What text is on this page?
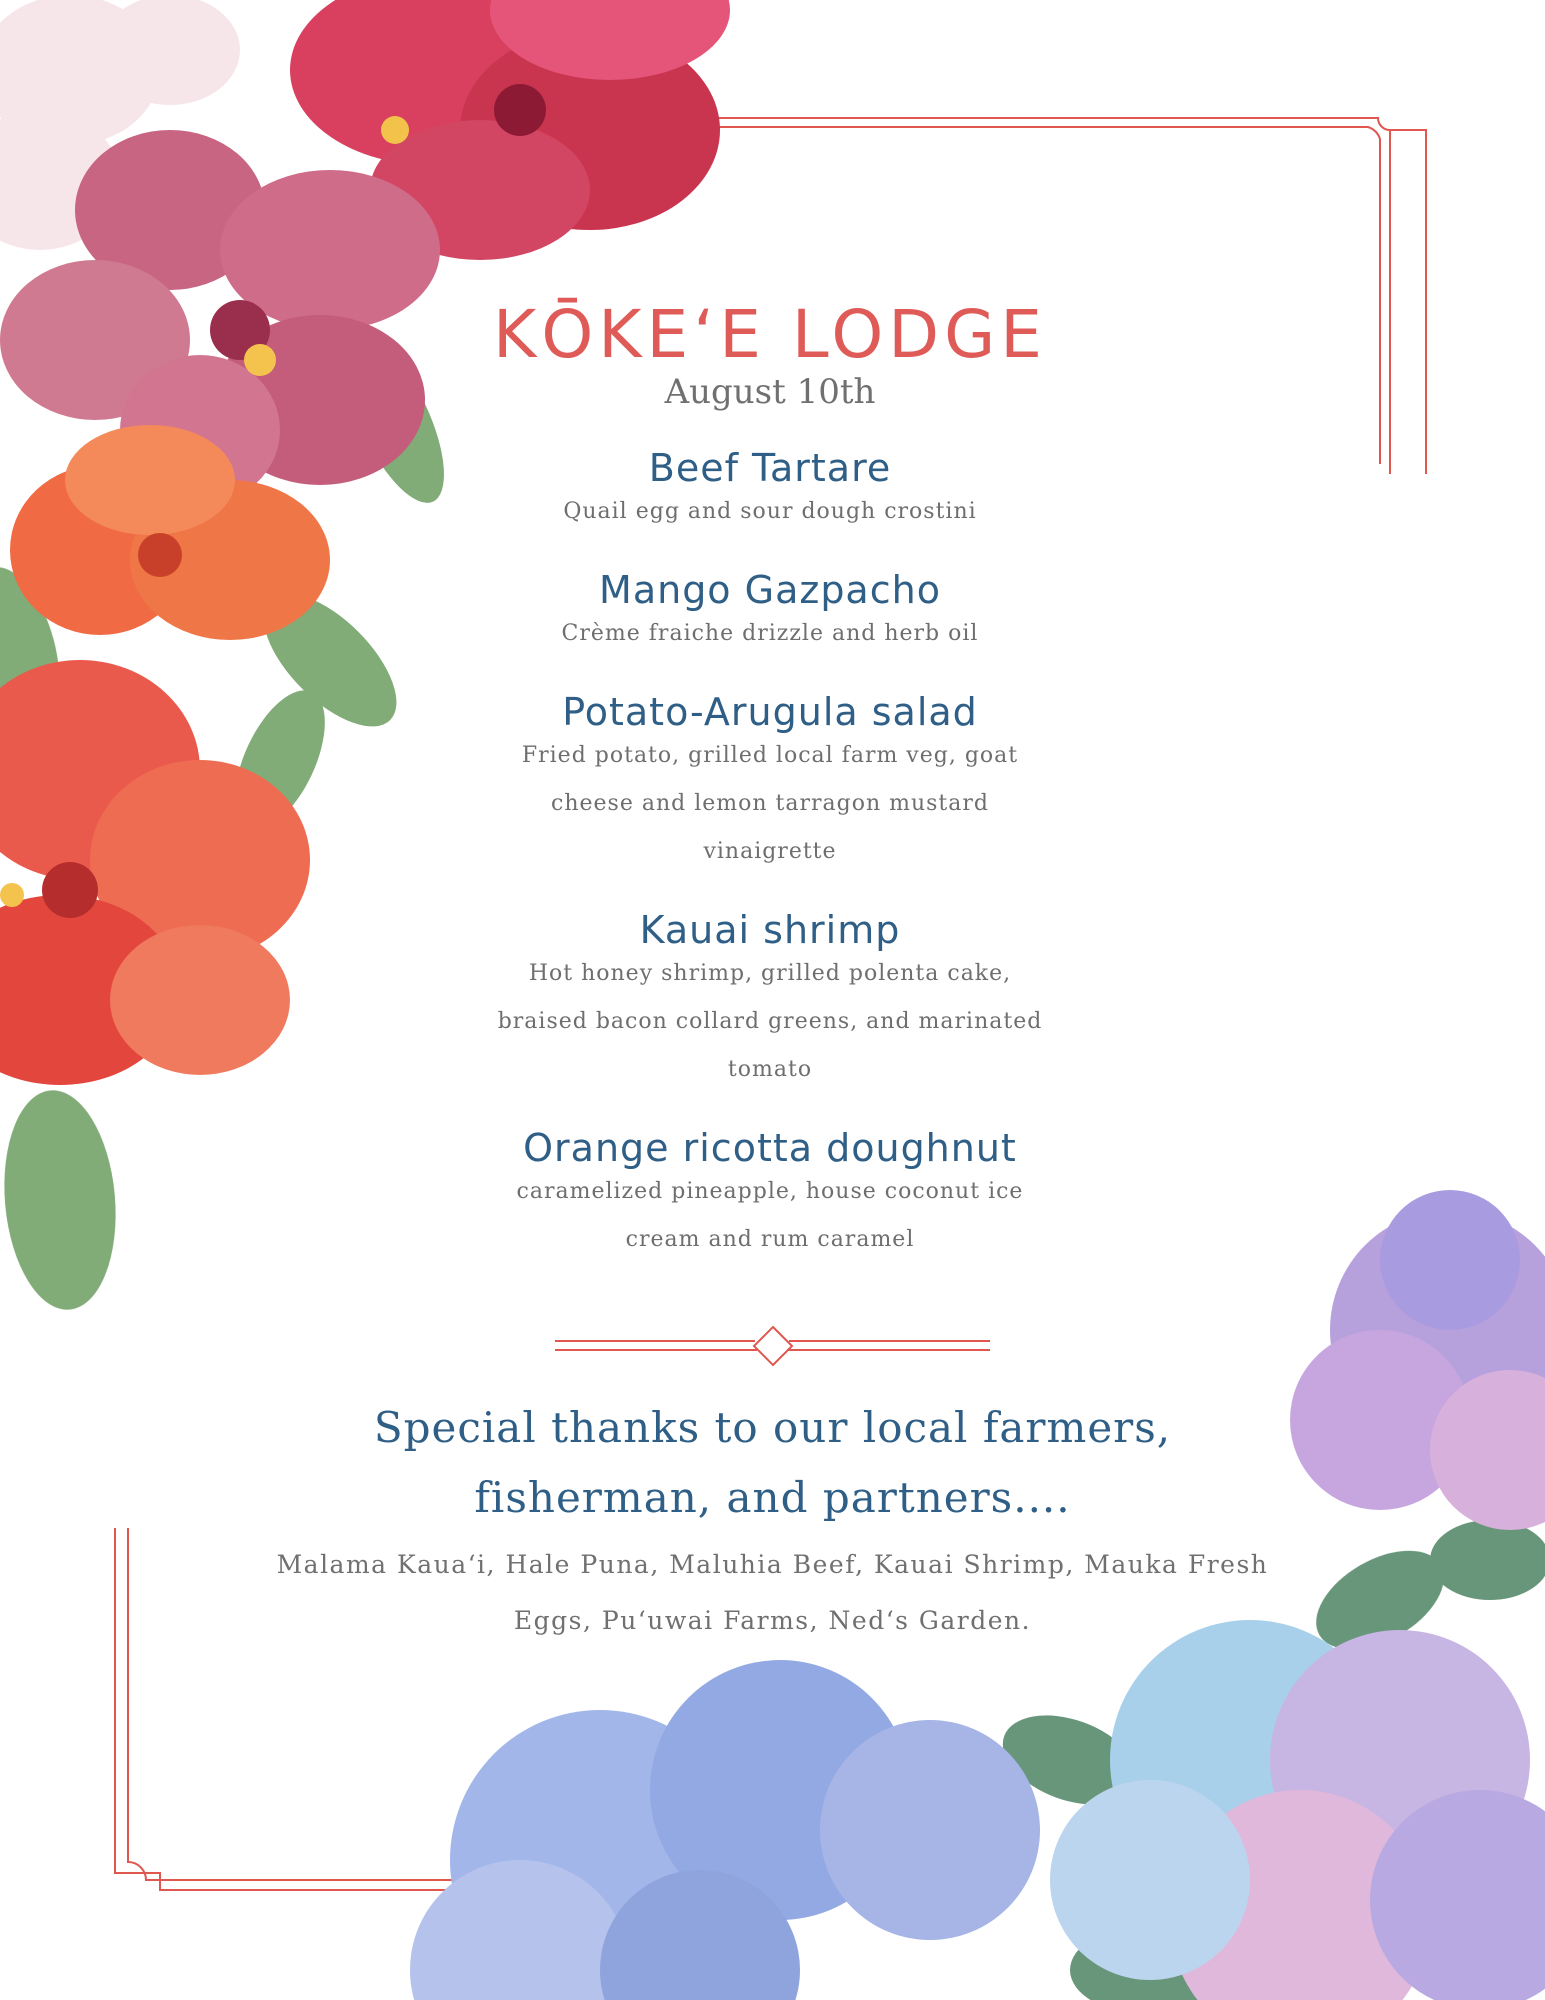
KŌKE‘E LODGE
August 10th
Beef Tartare
Quail egg and sour dough crostini
Mango Gazpacho
Crème fraiche drizzle and herb oil
Potato-Arugula salad
Fried potato, grilled local farm veg, goat cheese and lemon tarragon mustard vinaigrette
Kauai shrimp
Hot honey shrimp, grilled polenta cake, braised bacon collard greens, and marinated tomato
Orange ricotta doughnut
caramelized pineapple, house coconut ice cream and rum caramel
Special thanks to our local farmers, fisherman, and partners....
Malama Kaua‘i, Hale Puna, Maluhia Beef, Kauai Shrimp, Mauka Fresh Eggs, Pu‘uwai Farms, Ned‘s Garden.
